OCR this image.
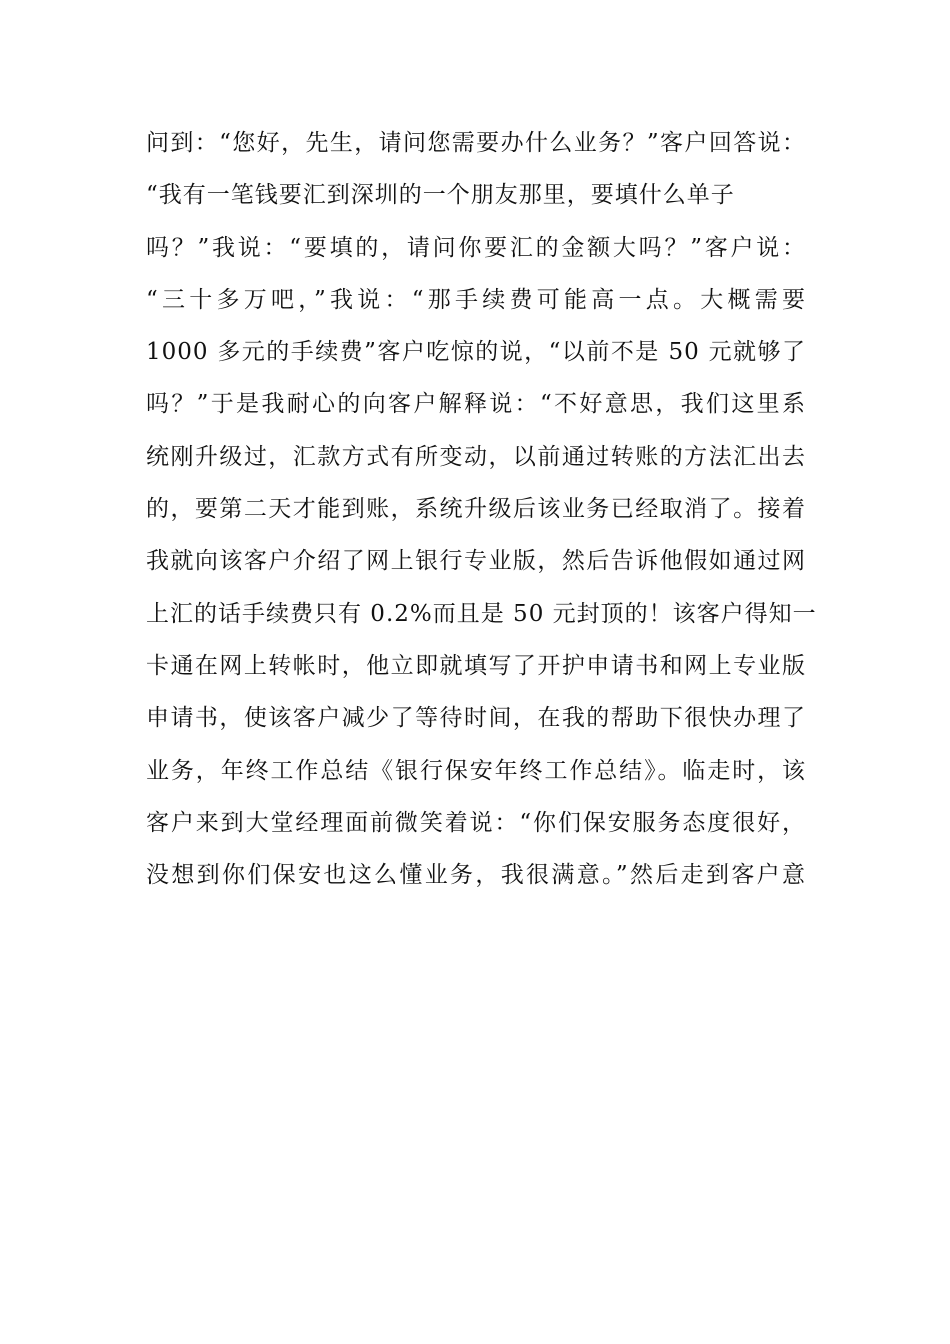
问到：“您好，先生，请问您需要办什么业务？”客户回答说：

“我有一笔钱要汇到深圳的一个朋友那里，要填什么单子

吗？”我说：“要填的，请问你要汇的金额大吗？”客户说：

“三十多万吧，”我说：“那手续费可能高一点。大概需要

1000 多元的手续费”客户吃惊的说，“以前不是 50 元就够了

吗？”于是我耐心的向客户解释说：“不好意思，我们这里系

统刚升级过，汇款方式有所变动，以前通过转账的方法汇出去

的，要第二天才能到账，系统升级后该业务已经取消了。接着

我就向该客户介绍了网上银行专业版，然后告诉他假如通过网

上汇的话手续费只有 0.2%而且是 50 元封顶的！该客户得知一

卡通在网上转帐时，他立即就填写了开护申请书和网上专业版

申请书，使该客户减少了等待时间，在我的帮助下很快办理了

业务，年终工作总结《银行保安年终工作总结》。临走时，该

客户来到大堂经理面前微笑着说：“你们保安服务态度很好，

没想到你们保安也这么懂业务，我很满意。”然后走到客户意
